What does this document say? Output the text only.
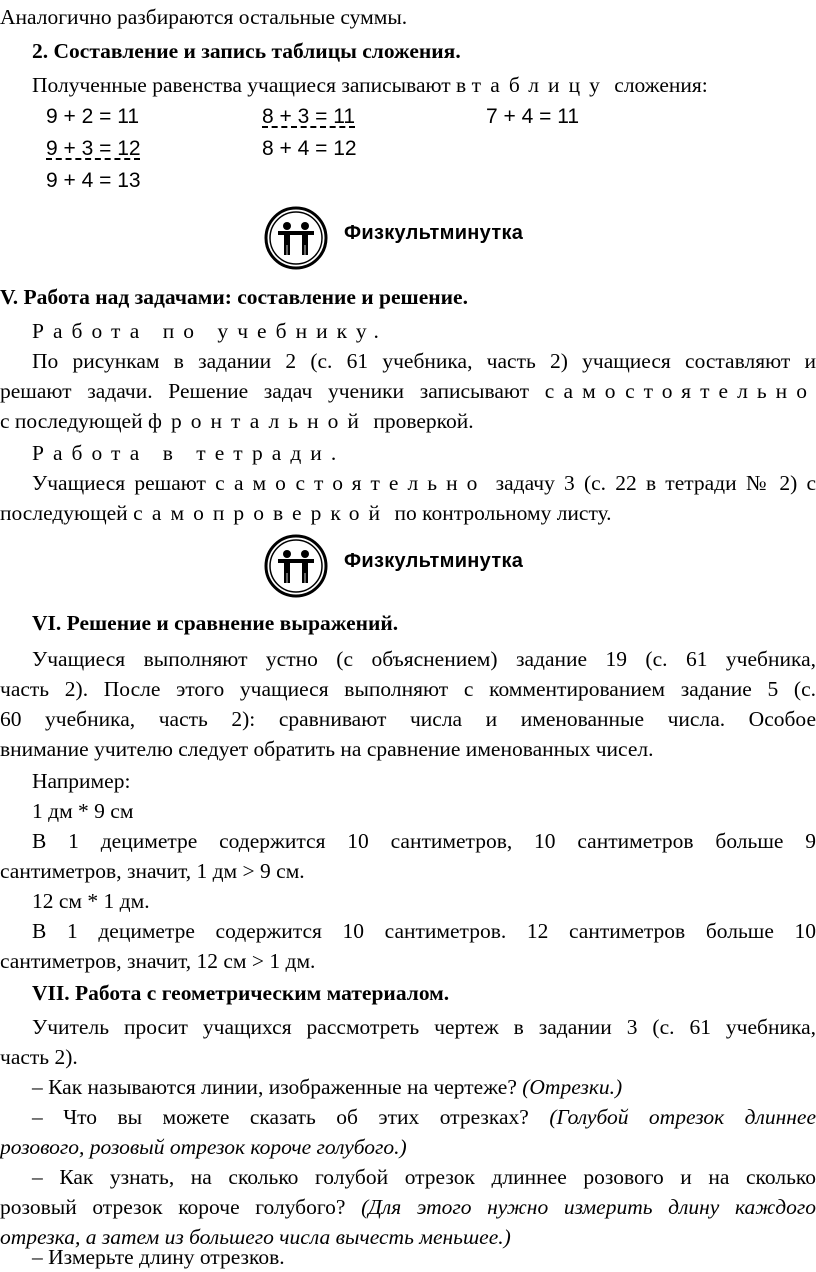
Аналогично разбираются остальные суммы.
2. Составление и запись таблицы сложения.
Полученные равенства учащиеся записывают в таблицу сложения:
9 + 2 = 11
9 + 3 = 12
9 + 4 = 13
8 + 3 = 11
8 + 4 = 12
7 + 4 = 11
Физкультминутка
V. Работа над задачами: составление и решение.
Работа по учебнику.
По рисункам в задании 2 (с. 61 учебника, часть 2) учащиеся составляют и
решают задачи. Решение задач ученики записывают самостоятельно
с последующей фронтальной проверкой.
Работа в тетради.
Учащиеся решают самостоятельно задачу 3 (с. 22 в тетради № 2) с
последующей самопроверкой по контрольному листу.
Физкультминутка
VI. Решение и сравнение выражений.
Учащиеся выполняют устно (с объяснением) задание 19 (с. 61 учебника,
часть 2). После этого учащиеся выполняют с комментированием задание 5 (с.
60 учебника, часть 2): сравнивают числа и именованные числа. Особое
внимание учителю следует обратить на сравнение именованных чисел.
Например:
1 дм * 9 см
В 1 дециметре содержится 10 сантиметров, 10 сантиметров больше 9
сантиметров, значит, 1 дм > 9 см.
12 см * 1 дм.
В 1 дециметре содержится 10 сантиметров. 12 сантиметров больше 10
сантиметров, значит, 12 см > 1 дм.
VII. Работа с геометрическим материалом.
Учитель просит учащихся рассмотреть чертеж в задании 3 (с. 61 учебника,
часть 2).
– Как называются линии, изображенные на чертеже? (Отрезки.)
– Что вы можете сказать об этих отрезках? (Голубой отрезок длиннее
розового, розовый отрезок короче голубого.)
– Как узнать, на сколько голубой отрезок длиннее розового и на сколько
розовый отрезок короче голубого? (Для этого нужно измерить длину каждого
отрезка, а затем из большего числа вычесть меньшее.)
– Измерьте длину отрезков.
